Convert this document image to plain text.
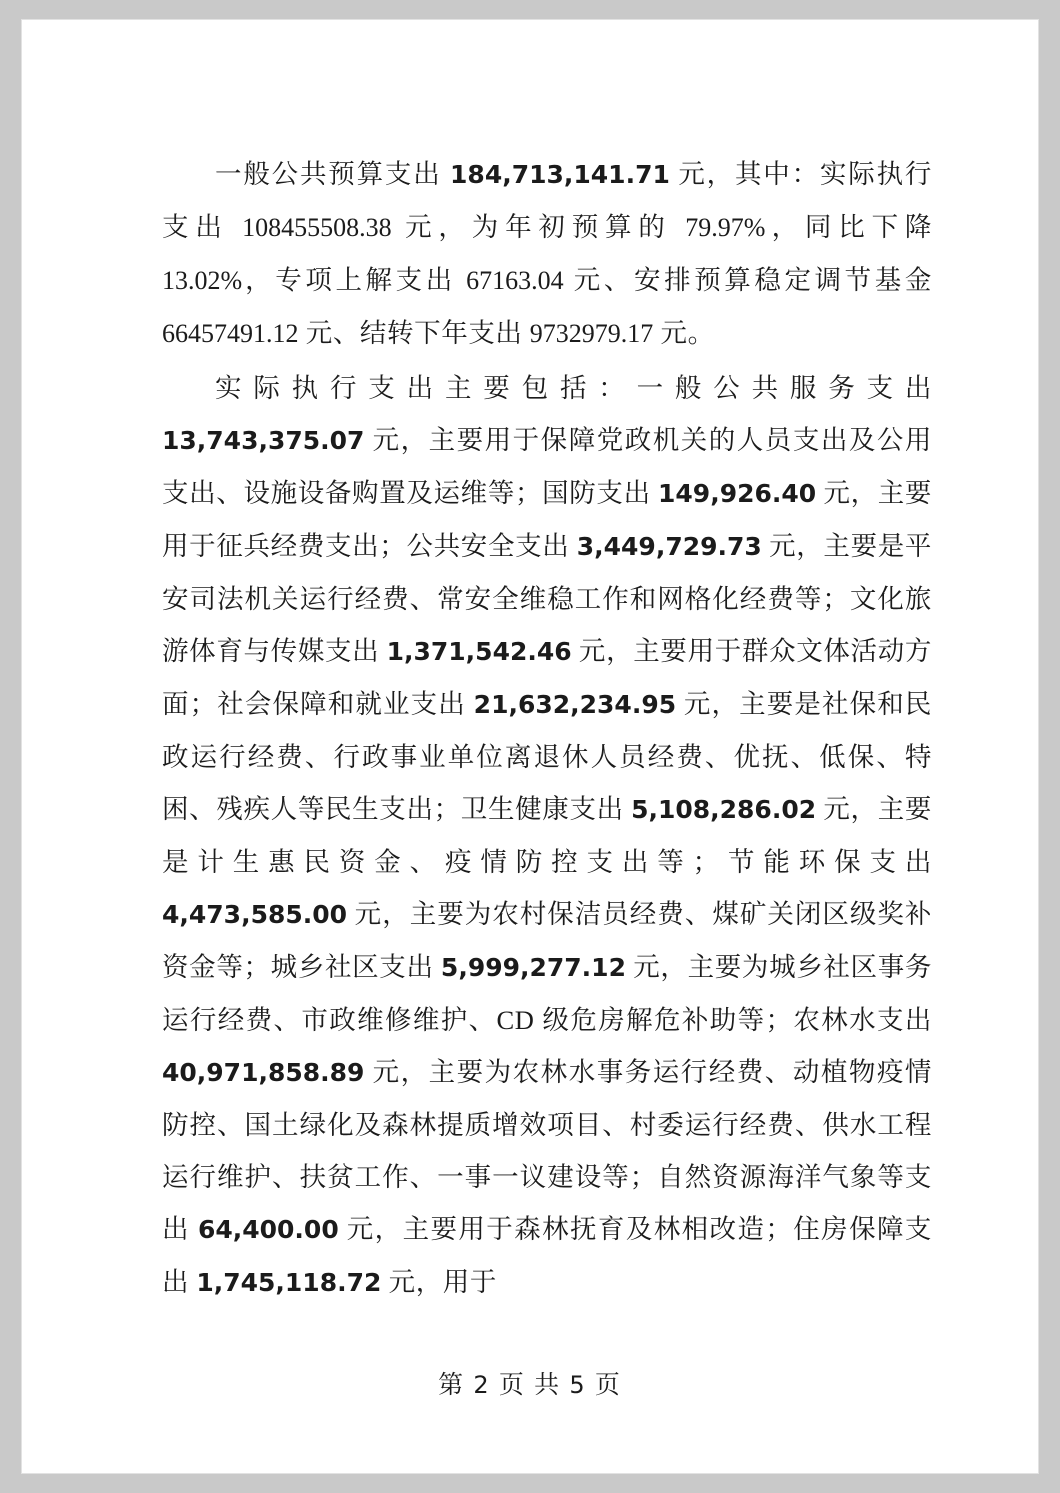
一般公共预算支出 184,713,141.71 元，其中：实际执行支出 108455508.38 元，为年初预算的 79.97%，同比下降 13.02%，专项上解支出 67163.04 元、安排预算稳定调节基金 66457491.12 元、结转下年支出 9732979.17 元。

实际执行支出主要包括：一般公共服务支出 13,743,375.07 元，主要用于保障党政机关的人员支出及公用支出、设施设备购置及运维等；国防支出 149,926.40 元，主要用于征兵经费支出；公共安全支出 3,449,729.73 元，主要是平安司法机关运行经费、常安全维稳工作和网格化经费等；文化旅游体育与传媒支出 1,371,542.46 元，主要用于群众文体活动方面；社会保障和就业支出 21,632,234.95 元，主要是社保和民政运行经费、行政事业单位离退休人员经费、优抚、低保、特困、残疾人等民生支出；卫生健康支出 5,108,286.02 元，主要是计生惠民资金、疫情防控支出等；节能环保支出 4,473,585.00 元，主要为农村保洁员经费、煤矿关闭区级奖补资金等；城乡社区支出 5,999,277.12 元，主要为城乡社区事务运行经费、市政维修维护、CD 级危房解危补助等；农林水支出 40,971,858.89 元，主要为农林水事务运行经费、动植物疫情防控、国土绿化及森林提质增效项目、村委运行经费、供水工程运行维护、扶贫工作、一事一议建设等；自然资源海洋气象等支出 64,400.00 元，主要用于森林抚育及林相改造；住房保障支出 1,745,118.72 元，用于

第 2 页 共 5 页
